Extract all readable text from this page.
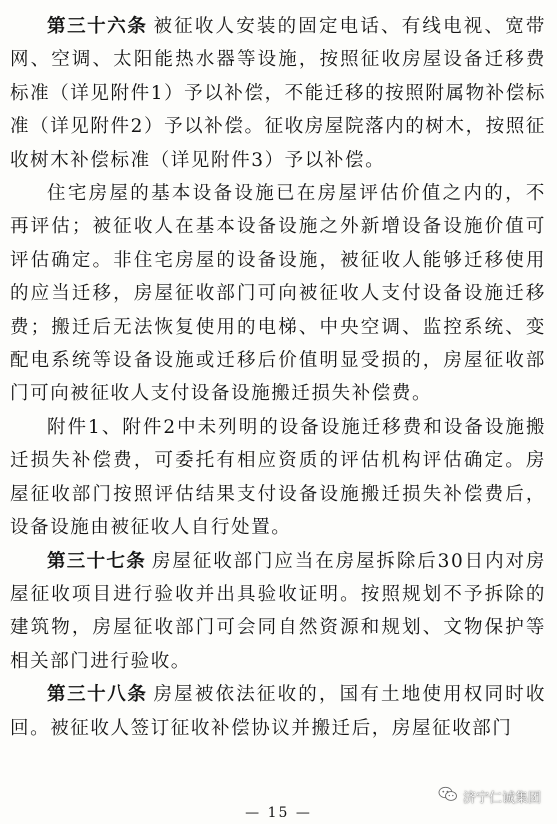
第三十六条 被征收人安装的固定电话、有线电视、宽带网、空调、太阳能热水器等设施，按照征收房屋设备迁移费标准（详见附件1）予以补偿，不能迁移的按照附属物补偿标准（详见附件2）予以补偿。征收房屋院落内的树木，按照征收树木补偿标准（详见附件3）予以补偿。

住宅房屋的基本设备设施已在房屋评估价值之内的，不再评估；被征收人在基本设备设施之外新增设备设施价值可评估确定。非住宅房屋的设备设施，被征收人能够迁移使用的应当迁移，房屋征收部门可向被征收人支付设备设施迁移费；搬迁后无法恢复使用的电梯、中央空调、监控系统、变配电系统等设备设施或迁移后价值明显受损的，房屋征收部门可向被征收人支付设备设施搬迁损失补偿费。

附件1、附件2中未列明的设备设施迁移费和设备设施搬迁损失补偿费，可委托有相应资质的评估机构评估确定。房屋征收部门按照评估结果支付设备设施搬迁损失补偿费后，设备设施由被征收人自行处置。

第三十七条 房屋征收部门应当在房屋拆除后30日内对房屋征收项目进行验收并出具验收证明。按照规划不予拆除的建筑物，房屋征收部门可会同自然资源和规划、文物保护等相关部门进行验收。

第三十八条 房屋被依法征收的，国有土地使用权同时收回。被征收人签订征收补偿协议并搬迁后，房屋征收部门

济宁仁诚集团
— 15 —
